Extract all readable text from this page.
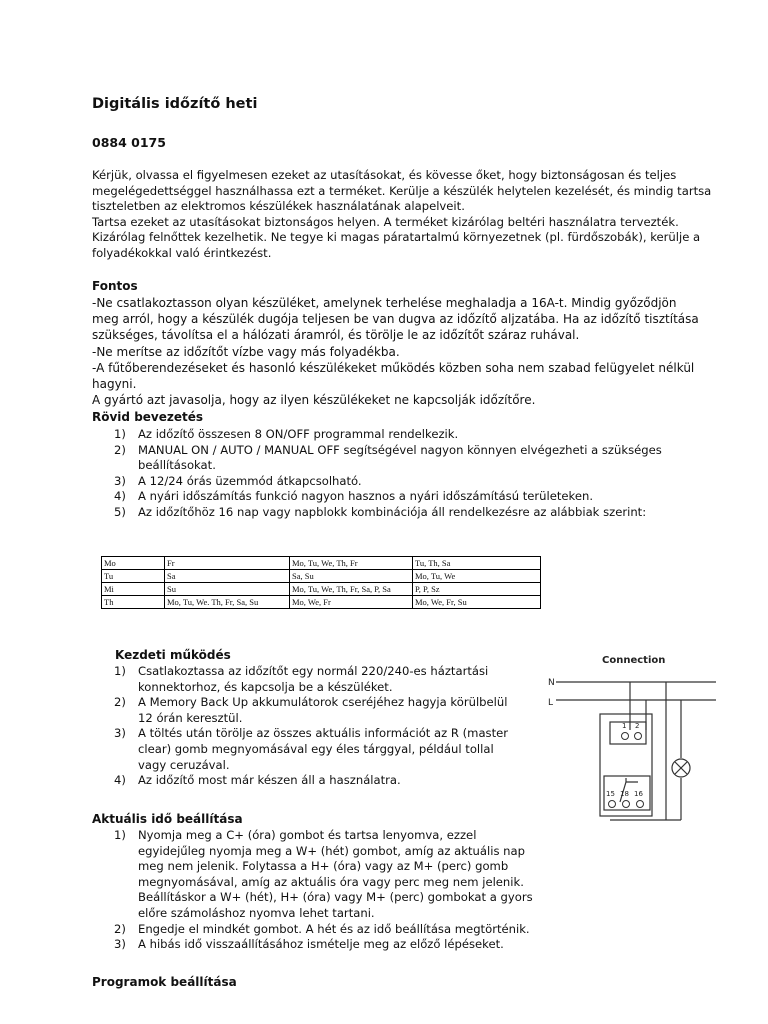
Digitális időzítő heti
0884 0175

Kérjük, olvassa el figyelmesen ezeket az utasításokat, és kövesse őket, hogy biztonságosan és teljes

megelégedettséggel használhassa ezt a terméket. Kerülje a készülék helytelen kezelését, és mindig tartsa

tiszteletben az elektromos készülékek használatának alapelveit.

Tartsa ezeket az utasításokat biztonságos helyen. A terméket kizárólag beltéri használatra tervezték.

Kizárólag felnőttek kezelhetik. Ne tegye ki magas páratartalmú környezetnek (pl. fürdőszobák), kerülje a

folyadékokkal való érintkezést.

Fontos

-Ne csatlakoztasson olyan készüléket, amelynek terhelése meghaladja a 16A-t. Mindig győződjön

meg arról, hogy a készülék dugója teljesen be van dugva az időzítő aljzatába. Ha az időzítő tisztítása

szükséges, távolítsa el a hálózati áramról, és törölje le az időzítőt száraz ruhával.

-Ne merítse az időzítőt vízbe vagy más folyadékba.

-A fűtőberendezéseket és hasonló készülékeket működés közben soha nem szabad felügyelet nélkül hagyni.

A gyártó azt javasolja, hogy az ilyen készülékeket ne kapcsolják időzítőre.

Rövid bevezetés
1) Az időzítő összesen 8 ON/OFF programmal rendelkezik.
2) MANUAL ON / AUTO / MANUAL OFF segítségével nagyon könnyen elvégezheti a szükséges
beállításokat.
3) A 12/24 órás üzemmód átkapcsolható.
4) A nyári időszámítás funkció nagyon hasznos a nyári időszámítású területeken.
5) Az időzítőhöz 16 nap vagy napblokk kombinációja áll rendelkezésre az alábbiak szerint:
Mo	Fr	Mo, Tu, We, Th, Fr	Tu, Th, Sa
Tu	Sa	Sa, Su	Mo, Tu, We
Mi	Su	Mo, Tu, We, Th, Fr, Sa, P, Sa	P, P, Sz
Th	Mo, Tu, We. Th, Fr, Sa, Su	Mo, We, Fr	Mo, We, Fr, Su
Kezdeti működés
1) Csatlakoztassa az időzítőt egy normál 220/240-es háztartási
konnektorhoz, és kapcsolja be a készüléket.
2) A Memory Back Up akkumulátorok cseréjéhez hagyja körülbelül
12 órán keresztül.
3) A töltés után törölje az összes aktuális információt az R (master
clear) gomb megnyomásával egy éles tárggyal, például tollal
vagy ceruzával.
4) Az időzítő most már készen áll a használatra.
Aktuális idő beállítása
1) Nyomja meg a C+ (óra) gombot és tartsa lenyomva, ezzel
egyidejűleg nyomja meg a W+ (hét) gombot, amíg az aktuális nap
meg nem jelenik. Folytassa a H+ (óra) vagy az M+ (perc) gomb
megnyomásával, amíg az aktuális óra vagy perc meg nem jelenik.
Beállításkor a W+ (hét), H+ (óra) vagy M+ (perc) gombokat a gyors
előre számoláshoz nyomva lehet tartani.
2) Engedje el mindkét gombot. A hét és az idő beállítása megtörténik.
3) A hibás idő visszaállításához ismételje meg az előző lépéseket.
Programok beállítása
Connection
N
L
1 2
15 18 16
